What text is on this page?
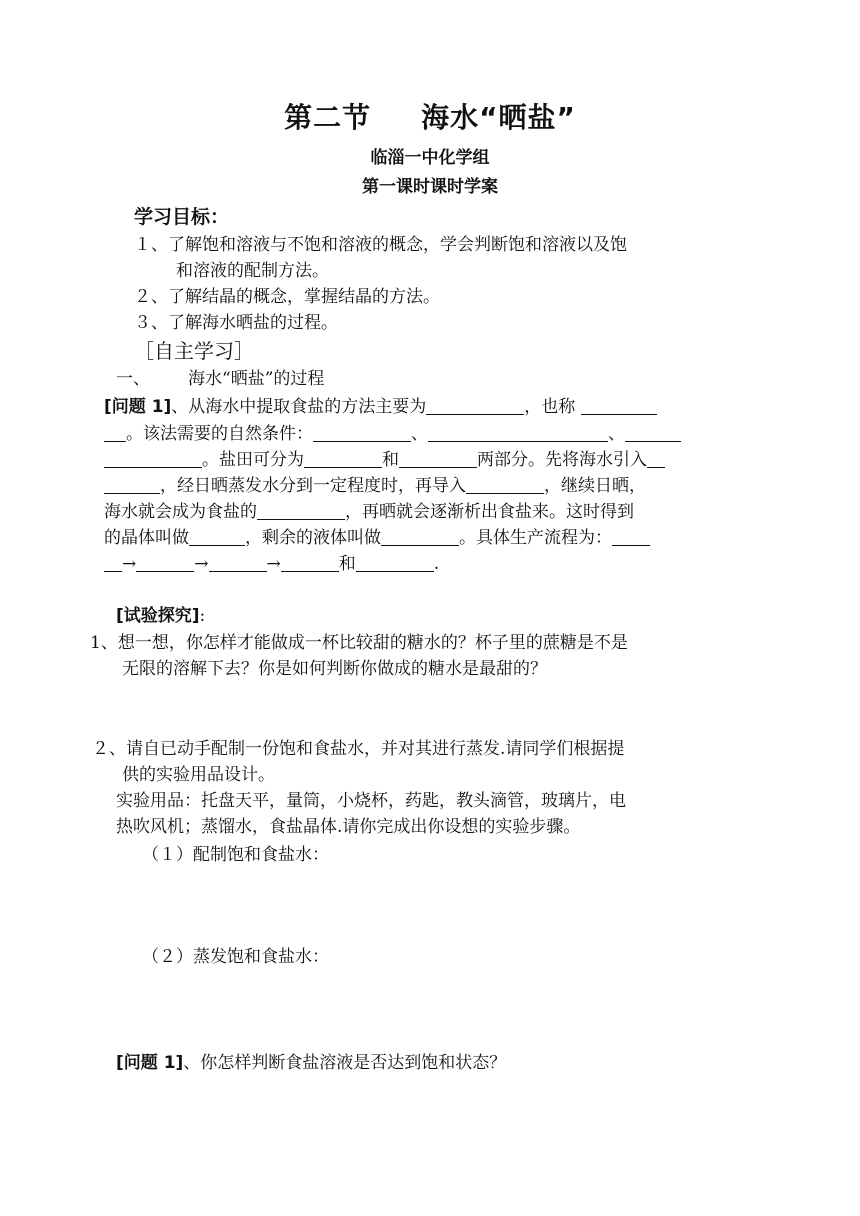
第二节 海水“晒盐”
临淄一中化学组
第一课时课时学案
学习目标：
１、了解饱和溶液与不饱和溶液的概念，学会判断饱和溶液以及饱
和溶液的配制方法。
２、了解结晶的概念，掌握结晶的方法。
３、了解海水晒盐的过程。
［自主学习］
一、 海水“晒盐”的过程
[问题 1]、从海水中提取食盐的方法主要为	，也称
。该法需要的自然条件：	、	、
。盐田可分为	和	两部分。先将海水引入
，经日晒蒸发水分到一定程度时，再导入	，继续日晒，
海水就会成为食盐的	，再晒就会逐渐析出食盐来。这时得到
的晶体叫做	，剩余的液体叫做	。具体生产流程为：
→	→	→	和	.
[试验探究]:
1、想一想，你怎样才能做成一杯比较甜的糖水的？杯子里的蔗糖是不是
无限的溶解下去？你是如何判断你做成的糖水是最甜的？
２、请自已动手配制一份饱和食盐水，并对其进行蒸发.请同学们根据提
供的实验用品设计。
实验用品：托盘天平，量筒，小烧杯，药匙，教头滴管，玻璃片，电
热吹风机；蒸馏水，食盐晶体.请你完成出你设想的实验步骤。
（１）配制饱和食盐水：
（２）蒸发饱和食盐水：
[问题 1]、你怎样判断食盐溶液是否达到饱和状态？
